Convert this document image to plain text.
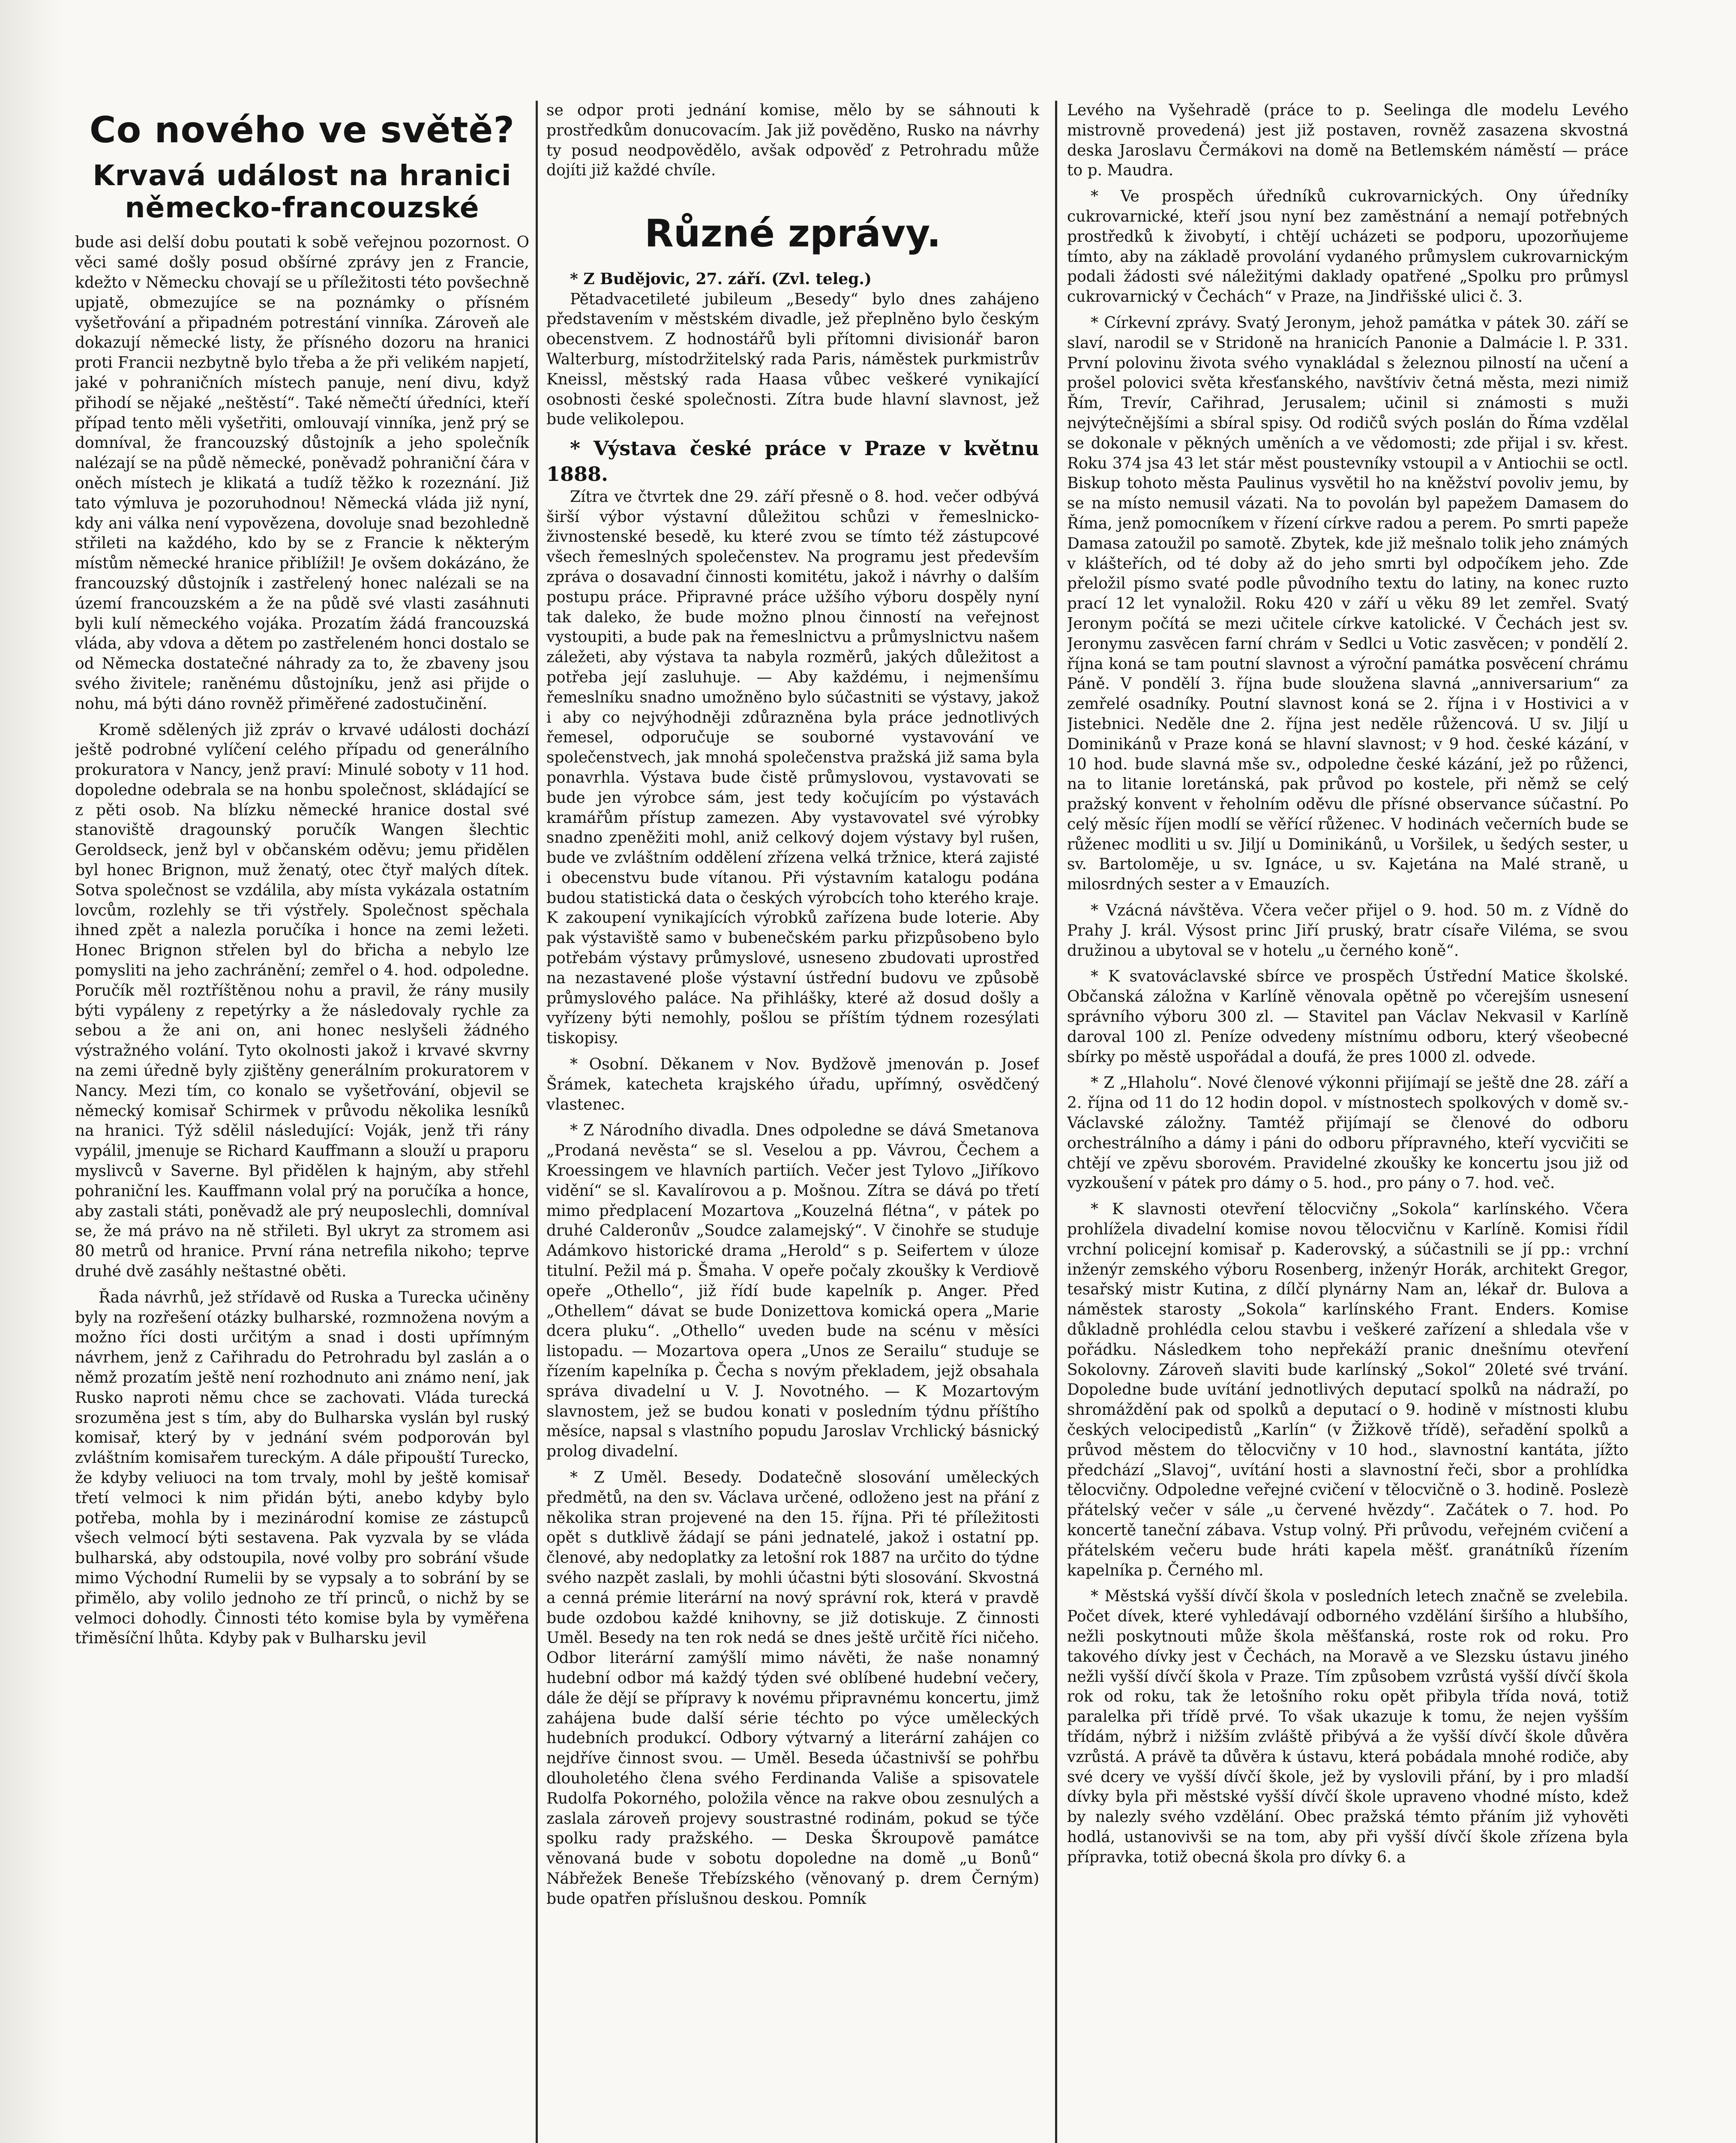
Co nového ve světě?
Krvavá událost na hranici německo-francouzské

bude asi delší dobu poutati k sobě veřejnou pozornost. O věci samé došly posud obšírné zprávy jen z Francie, kdežto v Německu chovají se u příležitosti této povšechně upjatě, obmezujíce se na poznámky o přísném vyšetřování a připadném potrestání vinníka. Zároveň ale dokazují německé listy, že přísného dozoru na hranici proti Francii nezbytně bylo třeba a že při velikém napjetí, jaké v pohraničních místech panuje, není divu, když přihodí se nějaké „neštěstí“. Také němečtí úředníci, kteří případ tento měli vyšetřiti, omlouvají vinníka, jenž prý se domníval, že francouzský důstojník a jeho společník nalézají se na půdě německé, poněvadž pohraniční čára v oněch místech je klikatá a tudíž těžko k rozeznání. Již tato výmluva je pozoruhodnou! Německá vláda již nyní, kdy ani válka není vypovězena, dovoluje snad bezohledně střileti na každého, kdo by se z Francie k některým místům německé hranice přiblížil! Je ovšem dokázáno, že francouzský důstojník i zastřelený honec nalézali se na území francouzském a že na půdě své vlasti zasáhnuti byli kulí německého vojáka. Prozatím žádá francouzská vláda, aby vdova a dětem po zastřeleném honci dostalo se od Německa dostatečné náhrady za to, že zbaveny jsou svého živitele; raněnému důstojníku, jenž asi přijde o nohu, má býti dáno rovněž přiměřené zadostučinění.

Kromě sdělených již zpráv o krvavé události dochází ještě podrobné vylíčení celého případu od generálního prokuratora v Nancy, jenž praví: Minulé soboty v 11 hod. dopoledne odebrala se na honbu společnost, skládající se z pěti osob. Na blízku německé hranice dostal své stanoviště dragounský poručík Wangen šlechtic Geroldseck, jenž byl v občanském oděvu; jemu přidělen byl honec Brignon, muž ženatý, otec čtyř malých dítek. Sotva společnost se vzdálila, aby místa vykázala ostatním lovcům, rozlehly se tři výstřely. Společnost spěchala ihned zpět a nalezla poručíka i honce na zemi ležeti. Honec Brignon střelen byl do břicha a nebylo lze pomysliti na jeho zachránění; zemřel o 4. hod. odpoledne. Poručík měl roztříštěnou nohu a pravil, že rány musily býti vypáleny z repetýrky a že následovaly rychle za sebou a že ani on, ani honec neslyšeli žádného výstražného volání. Tyto okolnosti jakož i krvavé skvrny na zemi úředně byly zjištěny generálním prokuratorem v Nancy. Mezi tím, co konalo se vyšetřování, objevil se německý komisař Schirmek v průvodu několika lesníků na hranici. Týž sdělil následující: Voják, jenž tři rány vypálil, jmenuje se Richard Kauffmann a slouží u praporu myslivců v Saverne. Byl přidělen k hajným, aby střehl pohraniční les. Kauffmann volal prý na poručíka a honce, aby zastali státi, poněvadž ale prý neuposlechli, domníval se, že má právo na ně střileti. Byl ukryt za stromem asi 80 metrů od hranice. První rána netrefila nikoho; teprve druhé dvě zasáhly neštastné oběti.

Řada návrhů, jež střídavě od Ruska a Turecka učiněny byly na rozřešení otázky bulharské, rozmnožena novým a možno říci dosti určitým a snad i dosti upřímným návrhem, jenž z Cařihradu do Petrohradu byl zaslán a o němž prozatím ještě není rozhodnuto ani známo není, jak Rusko naproti němu chce se zachovati. Vláda turecká srozuměna jest s tím, aby do Bulharska vyslán byl ruský komisař, který by v jednání svém podporován byl zvláštním komisařem tureckým. A dále připouští Turecko, že kdyby veliuoci na tom trvaly, mohl by ještě komisař třetí velmoci k nim přidán býti, anebo kdyby bylo potřeba, mohla by i mezinárodní komise ze zástupců všech velmocí býti sestavena. Pak vyzvala by se vláda bulharská, aby odstoupila, nové volby pro sobrání všude mimo Východní Rumelii by se vypsaly a to sobrání by se přimělo, aby volilo jednoho ze tří princů, o nichž by se velmoci dohodly. Činnosti této komise byla by vyměřena třiměsíční lhůta. Kdyby pak v Bulharsku jevil

se odpor proti jednání komise, mělo by se sáhnouti k prostředkům donucovacím. Jak již pověděno, Rusko na návrhy ty posud neodpovědělo, avšak odpověď z Petrohradu může dojíti již každé chvíle.

Různé zprávy.

* Z Budějovic, 27. září. (Zvl. teleg.)

Pětadvacetileté jubileum „Besedy“ bylo dnes zahájeno představením v městském divadle, jež přeplněno bylo českým obecenstvem. Z hodnostářů byli přítomni divisionář baron Walterburg, místodržitelský rada Paris, náměstek purkmistrův Kneissl, městský rada Haasa vůbec veškeré vynikající osobnosti české společnosti. Zítra bude hlavní slavnost, jež bude velikolepou.

* Výstava české práce v Praze v květnu 1888.

Zítra ve čtvrtek dne 29. září přesně o 8. hod. večer odbývá širší výbor výstavní důležitou schůzi v řemeslnicko-živnostenské besedě, ku které zvou se tímto též zástupcové všech řemeslných společenstev. Na programu jest především zpráva o dosavadní činnosti komitétu, jakož i návrhy o dalším postupu práce. Připravné práce užšího výboru dospěly nyní tak daleko, že bude možno plnou činností na veřejnost vystoupiti, a bude pak na řemeslnictvu a průmyslnictvu našem záležeti, aby výstava ta nabyla rozměrů, jakých důležitost a potřeba její zasluhuje. — Aby každému, i nejmenšímu řemeslníku snadno umožněno bylo súčastniti se výstavy, jakož i aby co nejvýhodněji zdůrazněna byla práce jednotlivých řemesel, odporučuje se souborné vystavování ve společenstvech, jak mnohá společenstva pražská již sama byla ponavrhla. Výstava bude čistě průmyslovou, vystavovati se bude jen výrobce sám, jest tedy kočujícím po výstavách kramářům přístup zamezen. Aby vystavovatel své výrobky snadno zpeněžiti mohl, aniž celkový dojem výstavy byl rušen, bude ve zvláštním oddělení zřízena velká tržnice, která zajisté i obecenstvu bude vítanou. Při výstavním katalogu podána budou statistická data o českých výrobcích toho kterého kraje. K zakoupení vynikajících výrobků zařízena bude loterie. Aby pak výstaviště samo v bubenečském parku přizpůsobeno bylo potřebám výstavy průmyslové, usneseno zbudovati uprostřed na nezastavené ploše výstavní ústřední budovu ve způsobě průmyslového paláce. Na přihlášky, které až dosud došly a vyřízeny býti nemohly, pošlou se příštím týdnem rozesýlati tiskopisy.

* Osobní. Děkanem v Nov. Bydžově jmenován p. Josef Šrámek, katecheta krajského úřadu, upřímný, osvědčený vlastenec.

* Z Národního divadla. Dnes odpoledne se dává Smetanova „Prodaná nevěsta“ se sl. Veselou a pp. Vávrou, Čechem a Kroessingem ve hlavních partiích. Večer jest Tylovo „Jiříkovo vidění“ se sl. Kavalírovou a p. Mošnou. Zítra se dává po třetí mimo předplacení Mozartova „Kouzelná flétna“, v pátek po druhé Calderonův „Soudce zalamejský“. V činohře se studuje Adámkovo historické drama „Herold“ s p. Seifertem v úloze titulní. Pežil má p. Šmaha. V opeře počaly zkoušky k Verdiově opeře „Othello“, již řídí bude kapelník p. Anger. Před „Othellem“ dávat se bude Donizettova komická opera „Marie dcera pluku“. „Othello“ uveden bude na scénu v měsíci listopadu. — Mozartova opera „Unos ze Serailu“ studuje se řízením kapelníka p. Čecha s novým překladem, jejž obsahala správa divadelní u V. J. Novotného. — K Mozartovým slavnostem, jež se budou konati v posledním týdnu příštího měsíce, napsal s vlastního popudu Jaroslav Vrchlický básnický prolog divadelní.

* Z Uměl. Besedy. Dodatečně slosování uměleckých předmětů, na den sv. Václava určené, odloženo jest na přání z několika stran projevené na den 15. října. Při té příležitosti opět s dutklivě žádají se páni jednatelé, jakož i ostatní pp. členové, aby nedoplatky za letošní rok 1887 na určito do týdne svého nazpět zaslali, by mohli účastni býti slosování. Skvostná a cenná prémie literární na nový správní rok, která v pravdě bude ozdobou každé knihovny, se již dotiskuje. Z činnosti Uměl. Besedy na ten rok nedá se dnes ještě určitě říci ničeho. Odbor literární zamýšlí mimo návěti, že naše nonamný hudební odbor má každý týden své oblíbené hudební večery, dále že dějí se přípravy k novému připravnému koncertu, jimž zahájena bude další série téchto po výce uměleckých hudebních produkcí. Odbory výtvarný a literární zahájen co nejdříve činnost svou. — Uměl. Beseda účastnivší se pohřbu dlouholetého člena svého Ferdinanda Vališe a spisovatele Rudolfa Pokorného, položila věnce na rakve obou zesnulých a zaslala zároveň projevy soustrastné rodinám, pokud se týče spolku rady pražského. — Deska Škroupově památce věnovaná bude v sobotu dopoledne na domě „u Bonů“ Nábřežek Beneše Třebízského (věnovaný p. drem Černým) bude opatřen příslušnou deskou. Pomník

Levého na Vyšehradě (práce to p. Seelinga dle modelu Levého mistrovně provedená) jest již postaven, rovněž zasazena skvostná deska Jaroslavu Čermákovi na domě na Betlemském náměstí — práce to p. Maudra.

* Ve prospěch úředníků cukrovarnických. Ony úředníky cukrovarnické, kteří jsou nyní bez zaměstnání a nemají potřebných prostředků k živobytí, i chtějí ucházeti se podporu, upozorňujeme tímto, aby na základě provolání vydaného průmyslem cukrovarnickým podali žádosti své náležitými daklady opatřené „Spolku pro průmysl cukrovarnický v Čechách“ v Praze, na Jindřišské ulici č. 3.

* Církevní zprávy. Svatý Jeronym, jehož památka v pátek 30. září se slaví, narodil se v Stridoně na hranicích Panonie a Dalmácie l. P. 331. První polovinu života svého vynakládal s železnou pilností na učení a prošel polovici světa křesťanského, navštíviv četná města, mezi nimiž Řím, Trevír, Cařihrad, Jerusalem; učinil si známosti s muži nejvýtečnějšími a sbíral spisy. Od rodičů svých poslán do Říma vzdělal se dokonale v pěkných uměních a ve vědomosti; zde přijal i sv. křest. Roku 374 jsa 43 let stár měst poustevníky vstoupil a v Antiochii se octl. Biskup tohoto města Paulinus vysvětil ho na kněžství povoliv jemu, by se na místo nemusil vázati. Na to povolán byl papežem Damasem do Říma, jenž pomocníkem v řízení církve radou a perem. Po smrti papeže Damasa zatoužil po samotě. Zbytek, kde již mešnalo tolik jeho známých v klášteřích, od té doby až do jeho smrti byl odpočíkem jeho. Zde přeložil písmo svaté podle původního textu do latiny, na konec ruzto prací 12 let vynaložil. Roku 420 v září u věku 89 let zemřel. Svatý Jeronym počítá se mezi učitele církve katolické. V Čechách jest sv. Jeronymu zasvěcen farní chrám v Sedlci u Votic zasvěcen; v pondělí 2. října koná se tam poutní slavnost a výroční památka posvěcení chrámu Páně. V pondělí 3. října bude sloužena slavná „anniversarium“ za zemřelé osadníky. Poutní slavnost koná se 2. října i v Hostivici a v Jistebnici. Neděle dne 2. října jest neděle růžencová. U sv. Jiljí u Dominikánů v Praze koná se hlavní slavnost; v 9 hod. české kázání, v 10 hod. bude slavná mše sv., odpoledne české kázání, jež po růženci, na to litanie loretánská, pak průvod po kostele, při němž se celý pražský konvent v řeholním oděvu dle přísné observance súčastní. Po celý měsíc říjen modlí se věřící růženec. V hodinách večerních bude se růženec modliti u sv. Jiljí u Dominikánů, u Voršilek, u šedých sester, u sv. Bartoloměje, u sv. Ignáce, u sv. Kajetána na Malé straně, u milosrdných sester a v Emauzích.

* Vzácná návštěva. Včera večer přijel o 9. hod. 50 m. z Vídně do Prahy J. král. Výsost princ Jiří pruský, bratr císaře Viléma, se svou družinou a ubytoval se v hotelu „u černého koně“.

* K svatováclavské sbírce ve prospěch Ústřední Matice školské. Občanská záložna v Karlíně věnovala opětně po včerejším usnesení správního výboru 300 zl. — Stavitel pan Václav Nekvasil v Karlíně daroval 100 zl. Peníze odvedeny místnímu odboru, který všeobecné sbírky po městě uspořádal a doufá, že pres 1000 zl. odvede.

* Z „Hlaholu“. Nové členové výkonni přijímají se ještě dne 28. září a 2. října od 11 do 12 hodin dopol. v místnostech spolkových v domě sv.-Václavské záložny. Tamtéž přijímají se členové do odboru orchestrálního a dámy i páni do odboru přípravného, kteří vycvičiti se chtějí ve zpěvu sborovém. Pravidelné zkoušky ke koncertu jsou již od vyzkoušení v pátek pro dámy o 5. hod., pro pány o 7. hod. več.

* K slavnosti otevření tělocvičny „Sokola“ karlínského. Včera prohlížela divadelní komise novou tělocvičnu v Karlíně. Komisi řídil vrchní policejní komisař p. Kaderovský, a súčastnili se jí pp.: vrchní inženýr zemského výboru Rosenberg, inženýr Horák, architekt Gregor, tesařský mistr Kutina, z dílčí plynárny Nam an, lékař dr. Bulova a náměstek starosty „Sokola“ karlínského Frant. Enders. Komise důkladně prohlédla celou stavbu i veškeré zařízení a shledala vše v pořádku. Následkem toho nepřekáží pranic dnešnímu otevření Sokolovny. Zároveň slaviti bude karlínský „Sokol“ 20leté své trvání. Dopoledne bude uvítání jednotlivých deputací spolků na nádraží, po shromáždění pak od spolků a deputací o 9. hodině v místnosti klubu českých velocipedistů „Karlín“ (v Žižkově třídě), seřadění spolků a průvod městem do tělocvičny v 10 hod., slavnostní kantáta, jížto předchází „Slavoj“, uvítání hosti a slavnostní řeči, sbor a prohlídka tělocvičny. Odpoledne veřejné cvičení v tělocvičně o 3. hodině. Poslezè přátelský večer v sále „u červené hvězdy“. Začátek o 7. hod. Po koncertě taneční zábava. Vstup volný. Při průvodu, veřejném cvičení a přátelském večeru bude hráti kapela měšť. granátníků řízením kapelníka p. Černého ml.

* Městská vyšší dívčí škola v posledních letech značně se zvelebila. Počet dívek, které vyhledávají odborného vzdělání širšího a hlubšího, nežli poskytnouti může škola měšťanská, roste rok od roku. Pro takového dívky jest v Čechách, na Moravě a ve Slezsku ústavu jiného nežli vyšší dívčí škola v Praze. Tím způsobem vzrůstá vyšší dívčí škola rok od roku, tak že letošního roku opět přibyla třída nová, totiž paralelka při třídě prvé. To však ukazuje k tomu, že nejen vyšším třídám, nýbrž i nižším zvláště přibývá a že vyšší dívčí škole důvěra vzrůstá. A právě ta důvěra k ústavu, která pobádala mnohé rodiče, aby své dcery ve vyšší dívčí škole, jež by vyslovili přání, by i pro mladší dívky byla při městské vyšší dívčí škole upraveno vhodné místo, kdež by nalezly svého vzdělání. Obec pražská témto přáním již vyhověti hodlá, ustanovivši se na tom, aby při vyšší dívčí škole zřízena byla přípravka, totiž obecná škola pro dívky 6. a
